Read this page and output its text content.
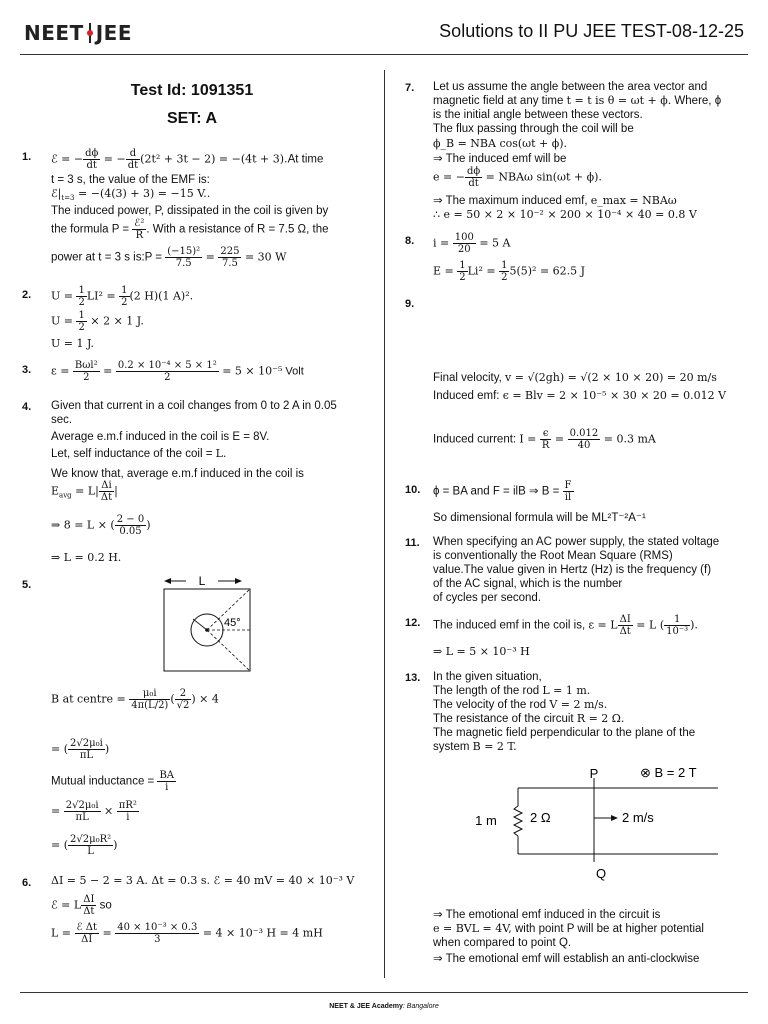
NEET JEE	Solutions to II PU JEE TEST-08-12-25
Test Id: 1091351
SET: A
1. ℰ = − $\frac{d\phi}{dt}$ = − $\frac{d}{dt} (2t^2 + 3t - 2) = -(4t + 3).At$ time
t = 3 s, the value of the EMF is:
$ℰ|_{t=3} = -(4(3) + 3) = -15$ V..
The induced power, P, dissipated in the coil is given by
the formula $P = \frac{\text{ℰ²}}{R}$ . With a resistance of R = 7.5 Ω, the
power at t = 3 s is:P = $\frac{\text{(−15)²}}{7.5} = \frac{225}{7.5} = 30$ W
2. $U = \frac{1}{2} LI^2 = \frac{1}{2} (2$ H)(1 A)².
$U = \frac{1}{2} \times 2 \times 1$ J.
U = 1 J.
3. $\varepsilon = \frac{\text{Bωl²}}{2} = \frac{\text{0.2 × 10⁻⁴ × 5 × 1²}}{2} = 5 \times 10^{-5}$ Volt
4. Given that current in a coil changes from 0 to 2 A in 0.05
sec.
Average e.m.f induced in the coil is E = 8V.
Let, self inductance of the coil = L.
We know that, average e.m.f induced in the coil is
$E_{avg} = L| \frac{\Delta i}{\Delta t}$ |
⇒ 8 = L × ( $\frac{2 - 0}{0.05}$ )
⇒ L = 0.2 H.
5.	L
45°
B at centre = $\frac{\text{μ₀i}}{4\pi(L/2)}$ ( $\frac{2}{√2}$ ) × 4
= ( $\frac{\text{2√2μ₀i}}{\pi L}$ )
Mutual inductance = $\frac{BA}{i}$
= $\frac{\text{2√2μ₀i}}{\pi L} \times \frac{\text{πR²}}{i}$
= ( $\frac{\text{2√2μ₀R²}}{L}$ )
6. ΔI = 5 − 2 = 3 A. Δt = 0.3 s. ℰ = 40 mV = 40 × 10⁻³ V
ℰ = L $\frac{\Delta I}{\Delta t}$ so
$L = \frac{\text{ℰ Δt}}{\Delta I} = \frac{\text{40 × 10⁻³ × 0.3}}{3} = 4 \times 10^{-3}$ H = 4 mH
7. Let us assume the angle between the area vector and
magnetic field at any time t = t is θ = ωt + ϕ. Where, ϕ
is the initial angle between these vectors.
The flux passing through the coil will be
ϕ_B = NBA cos(ωt + ϕ).
⇒ The induced emf will be
e = − $\frac{d\phi}{dt} = NBA\omega$ sin(ωt + ϕ).
⇒ The maximum induced emf, e_max = NBAω
∴ e = 50 × 2 × 10⁻² × 200 × 10⁻⁴ × 40 = 0.8 V
8. $i = \frac{100}{20} = 5$ A
$E = \frac{1}{2} Li^2 = \frac{1}{2} 5(5)^2 = 62.5$ J
9.
Final velocity, v = √(2gh) = √(2 × 10 × 20) = 20 m/s
Induced emf: ϵ = Blv = 2 × 10⁻⁵ × 30 × 20 = 0.012 V
Induced current: $I = \frac{\epsilon}{R} = \frac{0.012}{40} = 0.3$ mA
10. ϕ = BA and F = ilB ⇒ $B = \frac{F}{il}$
So dimensional formula will be ML²T⁻²A⁻¹
11. When specifying an AC power supply, the stated voltage
is conventionally the Root Mean Square (RMS)
value.The value given in Hertz (Hz) is the frequency (f)
of the AC signal, which is the number
of cycles per second.
12. The induced emf in the coil is, ε = L $\frac{\Delta I}{\Delta t} = L$ ( $\frac{1}{\text{10⁻³}}$ ).
⇒ L = 5 × 10⁻³ H
13. In the given situation,
The length of the rod L = 1 m.
The velocity of the rod V = 2 m/s.
The resistance of the circuit R = 2 Ω.
The magnetic field perpendicular to the plane of the
system B = 2 T.
P	⊗ B = 2 T
1 m	2 Ω	2 m/s
Q
⇒ The emotional emf induced in the circuit is
e = BVL = 4V, with point P will be at higher potential
when compared to point Q.
⇒ The emotional emf will establish an anti-clockwise
NEET & JEE Academy: Bangalore
